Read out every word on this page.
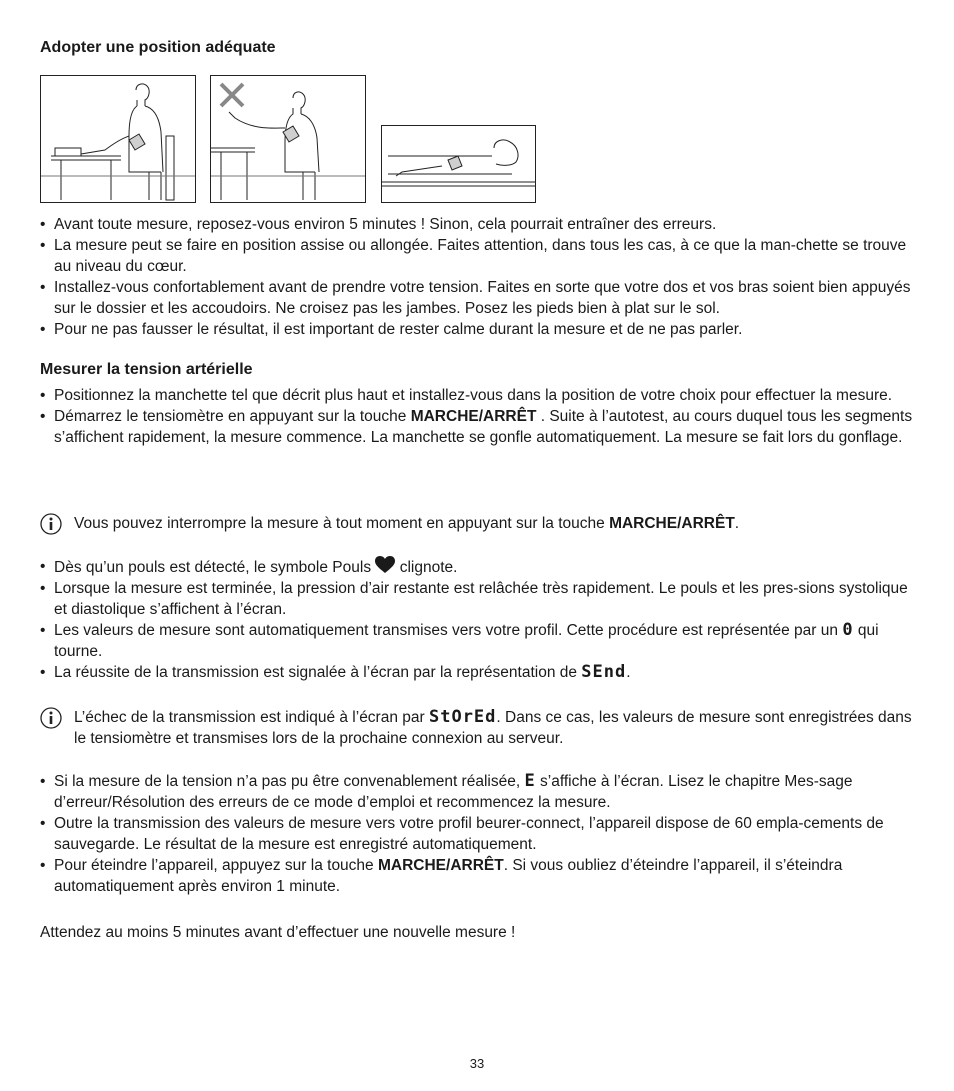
Adopter une position adéquate
• Avant toute mesure, reposez-vous environ 5 minutes ! Sinon, cela pourrait entraîner des erreurs.
• La mesure peut se faire en position assise ou allongée. Faites attention, dans tous les cas, à ce que la man-chette se trouve au niveau du cœur.
• Installez-vous confortablement avant de prendre votre tension. Faites en sorte que votre dos et vos bras soient bien appuyés sur le dossier et les accoudoirs. Ne croisez pas les jambes. Posez les pieds bien à plat sur le sol.
• Pour ne pas fausser le résultat, il est important de rester calme durant la mesure et de ne pas parler.
Mesurer la tension artérielle
• Positionnez la manchette tel que décrit plus haut et installez-vous dans la position de votre choix pour effectuer la mesure.
• Démarrez le tensiomètre en appuyant sur la touche MARCHE/ARRÊT . Suite à l’autotest, au cours duquel tous les segments s’affichent rapidement, la mesure commence. La manchette se gonfle automatiquement. La mesure se fait lors du gonflage.
Vous pouvez interrompre la mesure à tout moment en appuyant sur la touche MARCHE/ARRÊT.
• Dès qu’un pouls est détecté, le symbole Pouls  clignote.
• Lorsque la mesure est terminée, la pression d’air restante est relâchée très rapidement. Le pouls et les pres-sions systolique et diastolique s’affichent à l’écran.
• Les valeurs de mesure sont automatiquement transmises vers votre profil. Cette procédure est représentée par un 0 qui tourne.
• La réussite de la transmission est signalée à l’écran par la représentation de SEnd.
L’échec de la transmission est indiqué à l’écran par StOrEd. Dans ce cas, les valeurs de mesure sont enregistrées dans le tensiomètre et transmises lors de la prochaine connexion au serveur.
• Si la mesure de la tension n’a pas pu être convenablement réalisée, E s’affiche à l’écran. Lisez le chapitre Mes-sage d’erreur/Résolution des erreurs de ce mode d’emploi et recommencez la mesure.
• Outre la transmission des valeurs de mesure vers votre profil beurer-connect, l’appareil dispose de 60 empla-cements de sauvegarde. Le résultat de la mesure est enregistré automatiquement.
• Pour éteindre l’appareil, appuyez sur la touche MARCHE/ARRÊT. Si vous oubliez d’éteindre l’appareil, il s’éteindra automatiquement après environ 1 minute.
Attendez au moins 5 minutes avant d’effectuer une nouvelle mesure !
33
